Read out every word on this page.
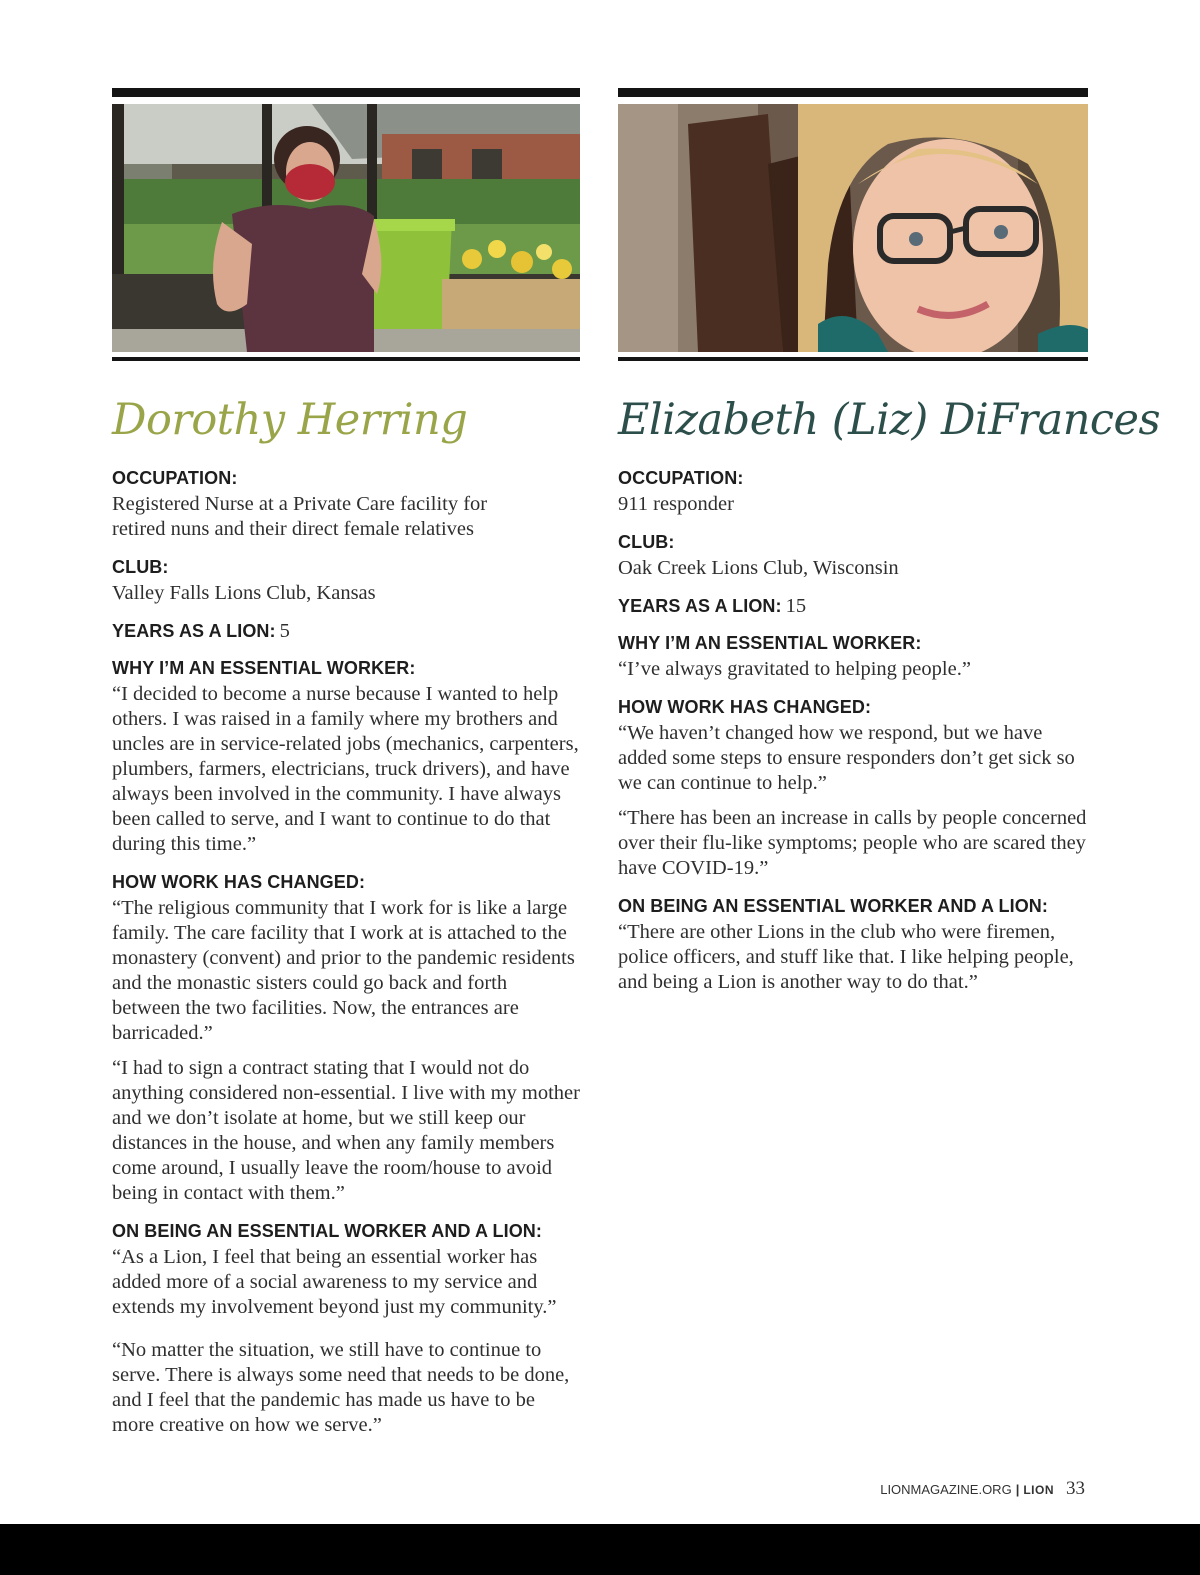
Dorothy Herring
OCCUPATION:
Registered Nurse at a Private Care facility for
retired nuns and their direct female relatives
CLUB:
Valley Falls Lions Club, Kansas
YEARS AS A LION: 5
WHY I’M AN ESSENTIAL WORKER:
“I decided to become a nurse because I wanted to help others. I was raised in a family where my brothers and uncles are in service-related jobs (mechanics, carpenters, plumbers, farmers, electricians, truck drivers), and have always been involved in the community. I have always been called to serve, and I want to continue to do that during this time.”
HOW WORK HAS CHANGED:
“The religious community that I work for is like a large family. The care facility that I work at is attached to the monastery (convent) and prior to the pandemic residents and the monastic sisters could go back and forth between the two facilities. Now, the entrances are barricaded.”
“I had to sign a contract stating that I would not do anything considered non-essential. I live with my mother and we don’t isolate at home, but we still keep our distances in the house, and when any family members come around, I usually leave the room/house to avoid being in contact with them.”
ON BEING AN ESSENTIAL WORKER AND A LION:
“As a Lion, I feel that being an essential worker has added more of a social awareness to my service and extends my involvement beyond just my community.”
“No matter the situation, we still have to continue to serve. There is always some need that needs to be done, and I feel that the pandemic has made us have to be more creative on how we serve.”
Elizabeth (Liz) DiFrances
OCCUPATION:
911 responder
CLUB:
Oak Creek Lions Club, Wisconsin
YEARS AS A LION: 15
WHY I’M AN ESSENTIAL WORKER:
“I’ve always gravitated to helping people.”
HOW WORK HAS CHANGED:
“We haven’t changed how we respond, but we have added some steps to ensure responders don’t get sick so we can continue to help.”
“There has been an increase in calls by people concerned over their flu-like symptoms; people who are scared they have COVID-19.”
ON BEING AN ESSENTIAL WORKER AND A LION:
“There are other Lions in the club who were firemen, police officers, and stuff like that. I like helping people, and being a Lion is another way to do that.”
LIONMAGAZINE.ORG | LION 33
